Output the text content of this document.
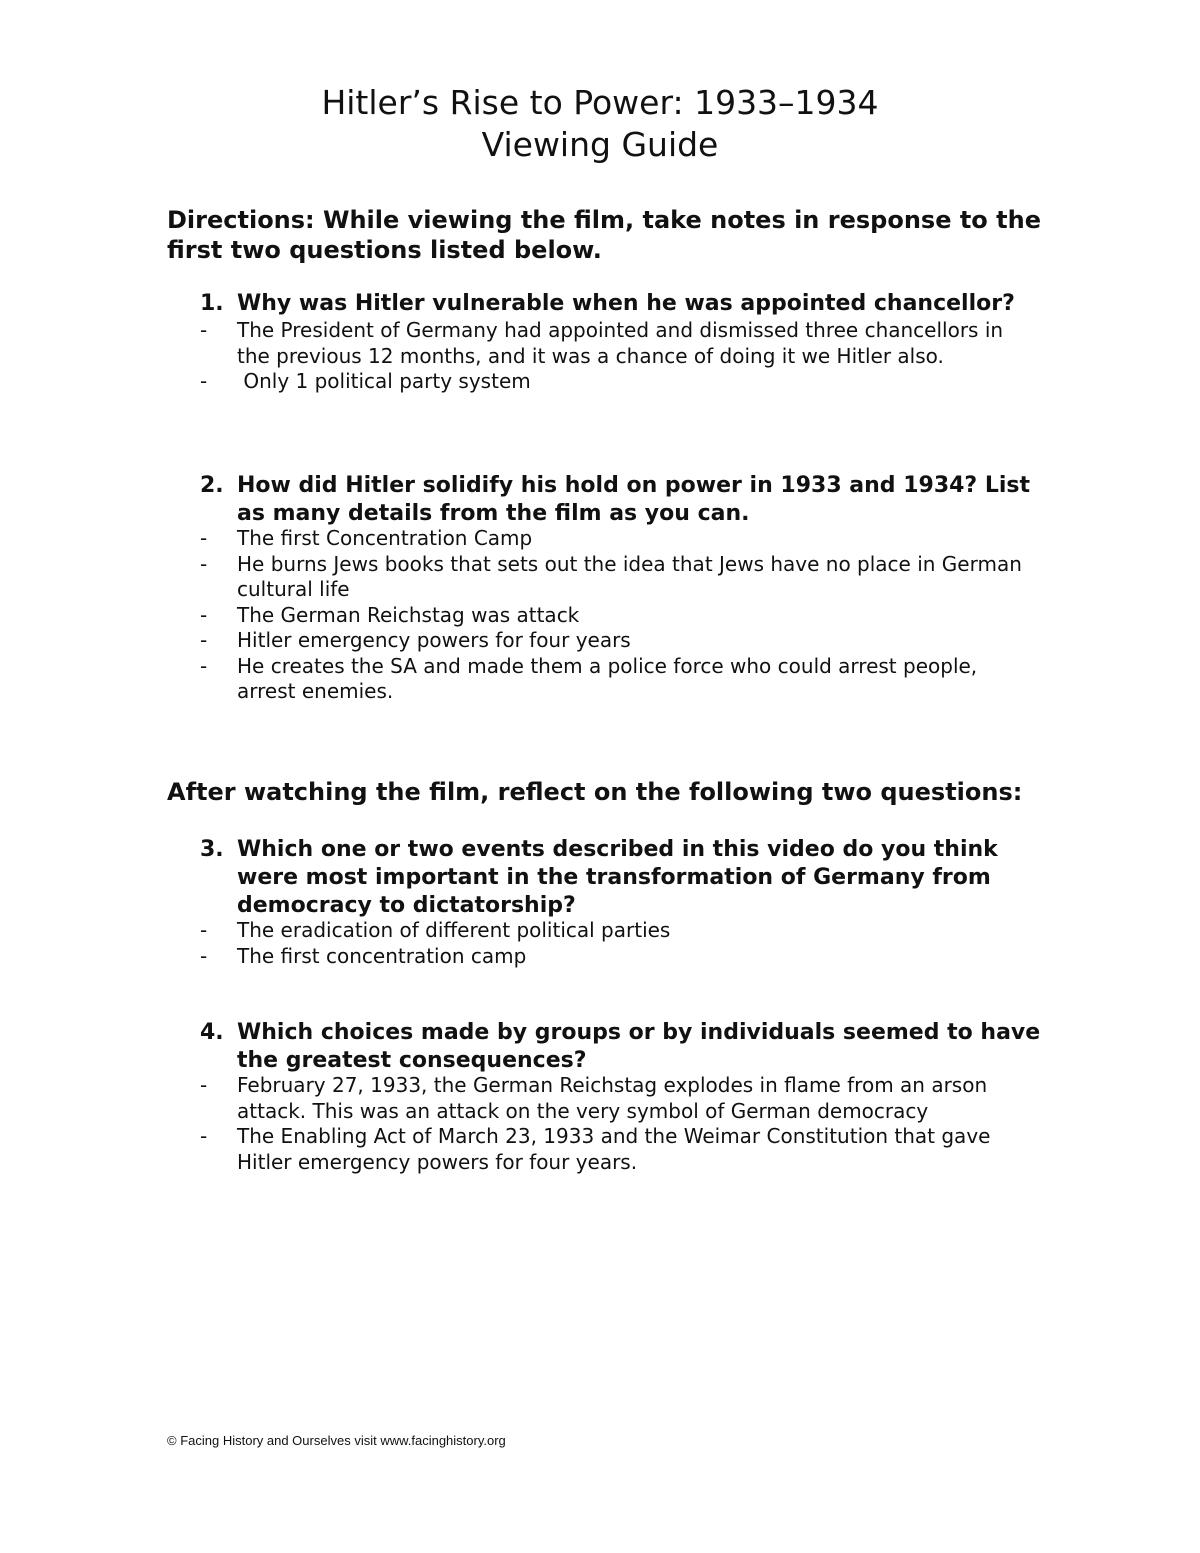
Hitler’s Rise to Power: 1933–1934
Viewing Guide

Directions: While viewing the film, take notes in response to the first two questions listed below.

1. Why was Hitler vulnerable when he was appointed chancellor?
- The President of Germany had appointed and dismissed three chancellors in the previous 12 months, and it was a chance of doing it we Hitler also.
- Only 1 political party system
2. How did Hitler solidify his hold on power in 1933 and 1934? List as many details from the film as you can.
- The first Concentration Camp
- He burns Jews books that sets out the idea that Jews have no place in German cultural life
- The German Reichstag was attack
- Hitler emergency powers for four years
- He creates the SA and made them a police force who could arrest people, arrest enemies.

After watching the film, reflect on the following two questions:

3. Which one or two events described in this video do you think were most important in the transformation of Germany from democracy to dictatorship?
- The eradication of different political parties
- The first concentration camp
4. Which choices made by groups or by individuals seemed to have the greatest consequences?
- February 27, 1933, the German Reichstag explodes in flame from an arson attack. This was an attack on the very symbol of German democracy
- The Enabling Act of March 23, 1933 and the Weimar Constitution that gave Hitler emergency powers for four years.
© Facing History and Ourselves visit www.facinghistory.org
